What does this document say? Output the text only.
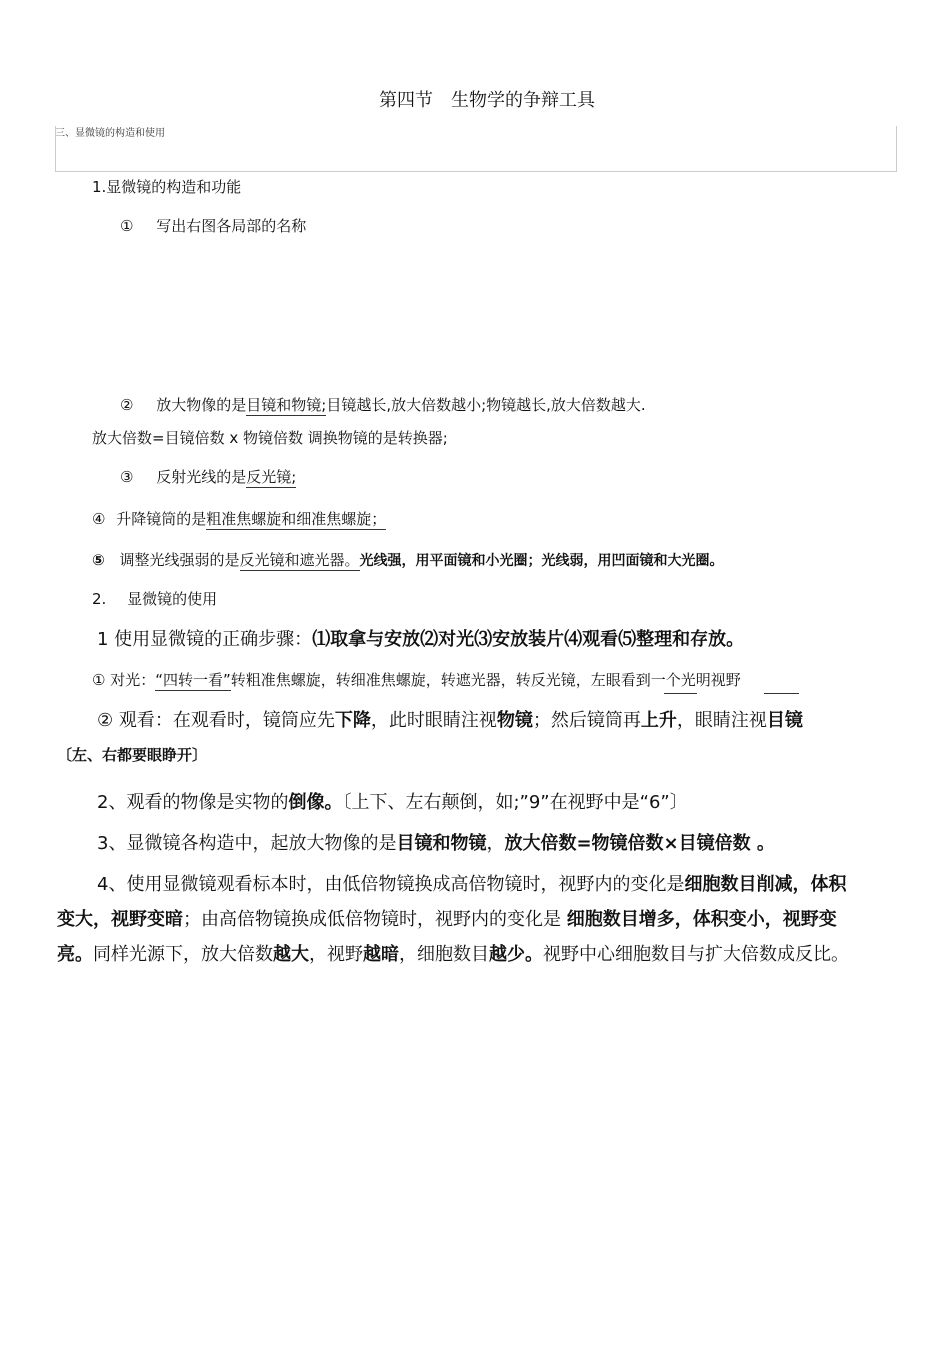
第四节　生物学的争辩工具
三、显微镜的构造和使用
1.显微镜的构造和功能
① 写出右图各局部的名称
② 放大物像的是目镜和物镜;目镜越长,放大倍数越小;物镜越长,放大倍数越大.
放大倍数=目镜倍数 x 物镜倍数 调换物镜的是转换器;
③ 反射光线的是反光镜;
④ 升降镜筒的是粗准焦螺旋和细准焦螺旋；
⑤ 调整光线强弱的是反光镜和遮光器。光线强，用平面镜和小光圈；光线弱，用凹面镜和大光圈。
2. 显微镜的使用
1 使用显微镜的正确步骤：⑴取拿与安放⑵对光⑶安放装片⑷观看⑸整理和存放。
① 对光：“四转一看”转粗准焦螺旋，转细准焦螺旋，转遮光器，转反光镜，左眼看到一个光明视野
② 观看：在观看时，镜筒应先下降，此时眼睛注视物镜；然后镜筒再上升，眼睛注视目镜
〔左、右都要眼睁开〕
2、观看的物像是实物的倒像。〔上下、左右颠倒，如;”9”在视野中是“6”〕
3、显微镜各构造中，起放大物像的是目镜和物镜，放大倍数=物镜倍数×目镜倍数 。
4、使用显微镜观看标本时，由低倍物镜换成高倍物镜时，视野内的变化是细胞数目削减，体积
变大，视野变暗；由高倍物镜换成低倍物镜时，视野内的变化是 细胞数目增多，体积变小，视野变
亮。同样光源下，放大倍数越大，视野越暗，细胞数目越少。视野中心细胞数目与扩大倍数成反比。
